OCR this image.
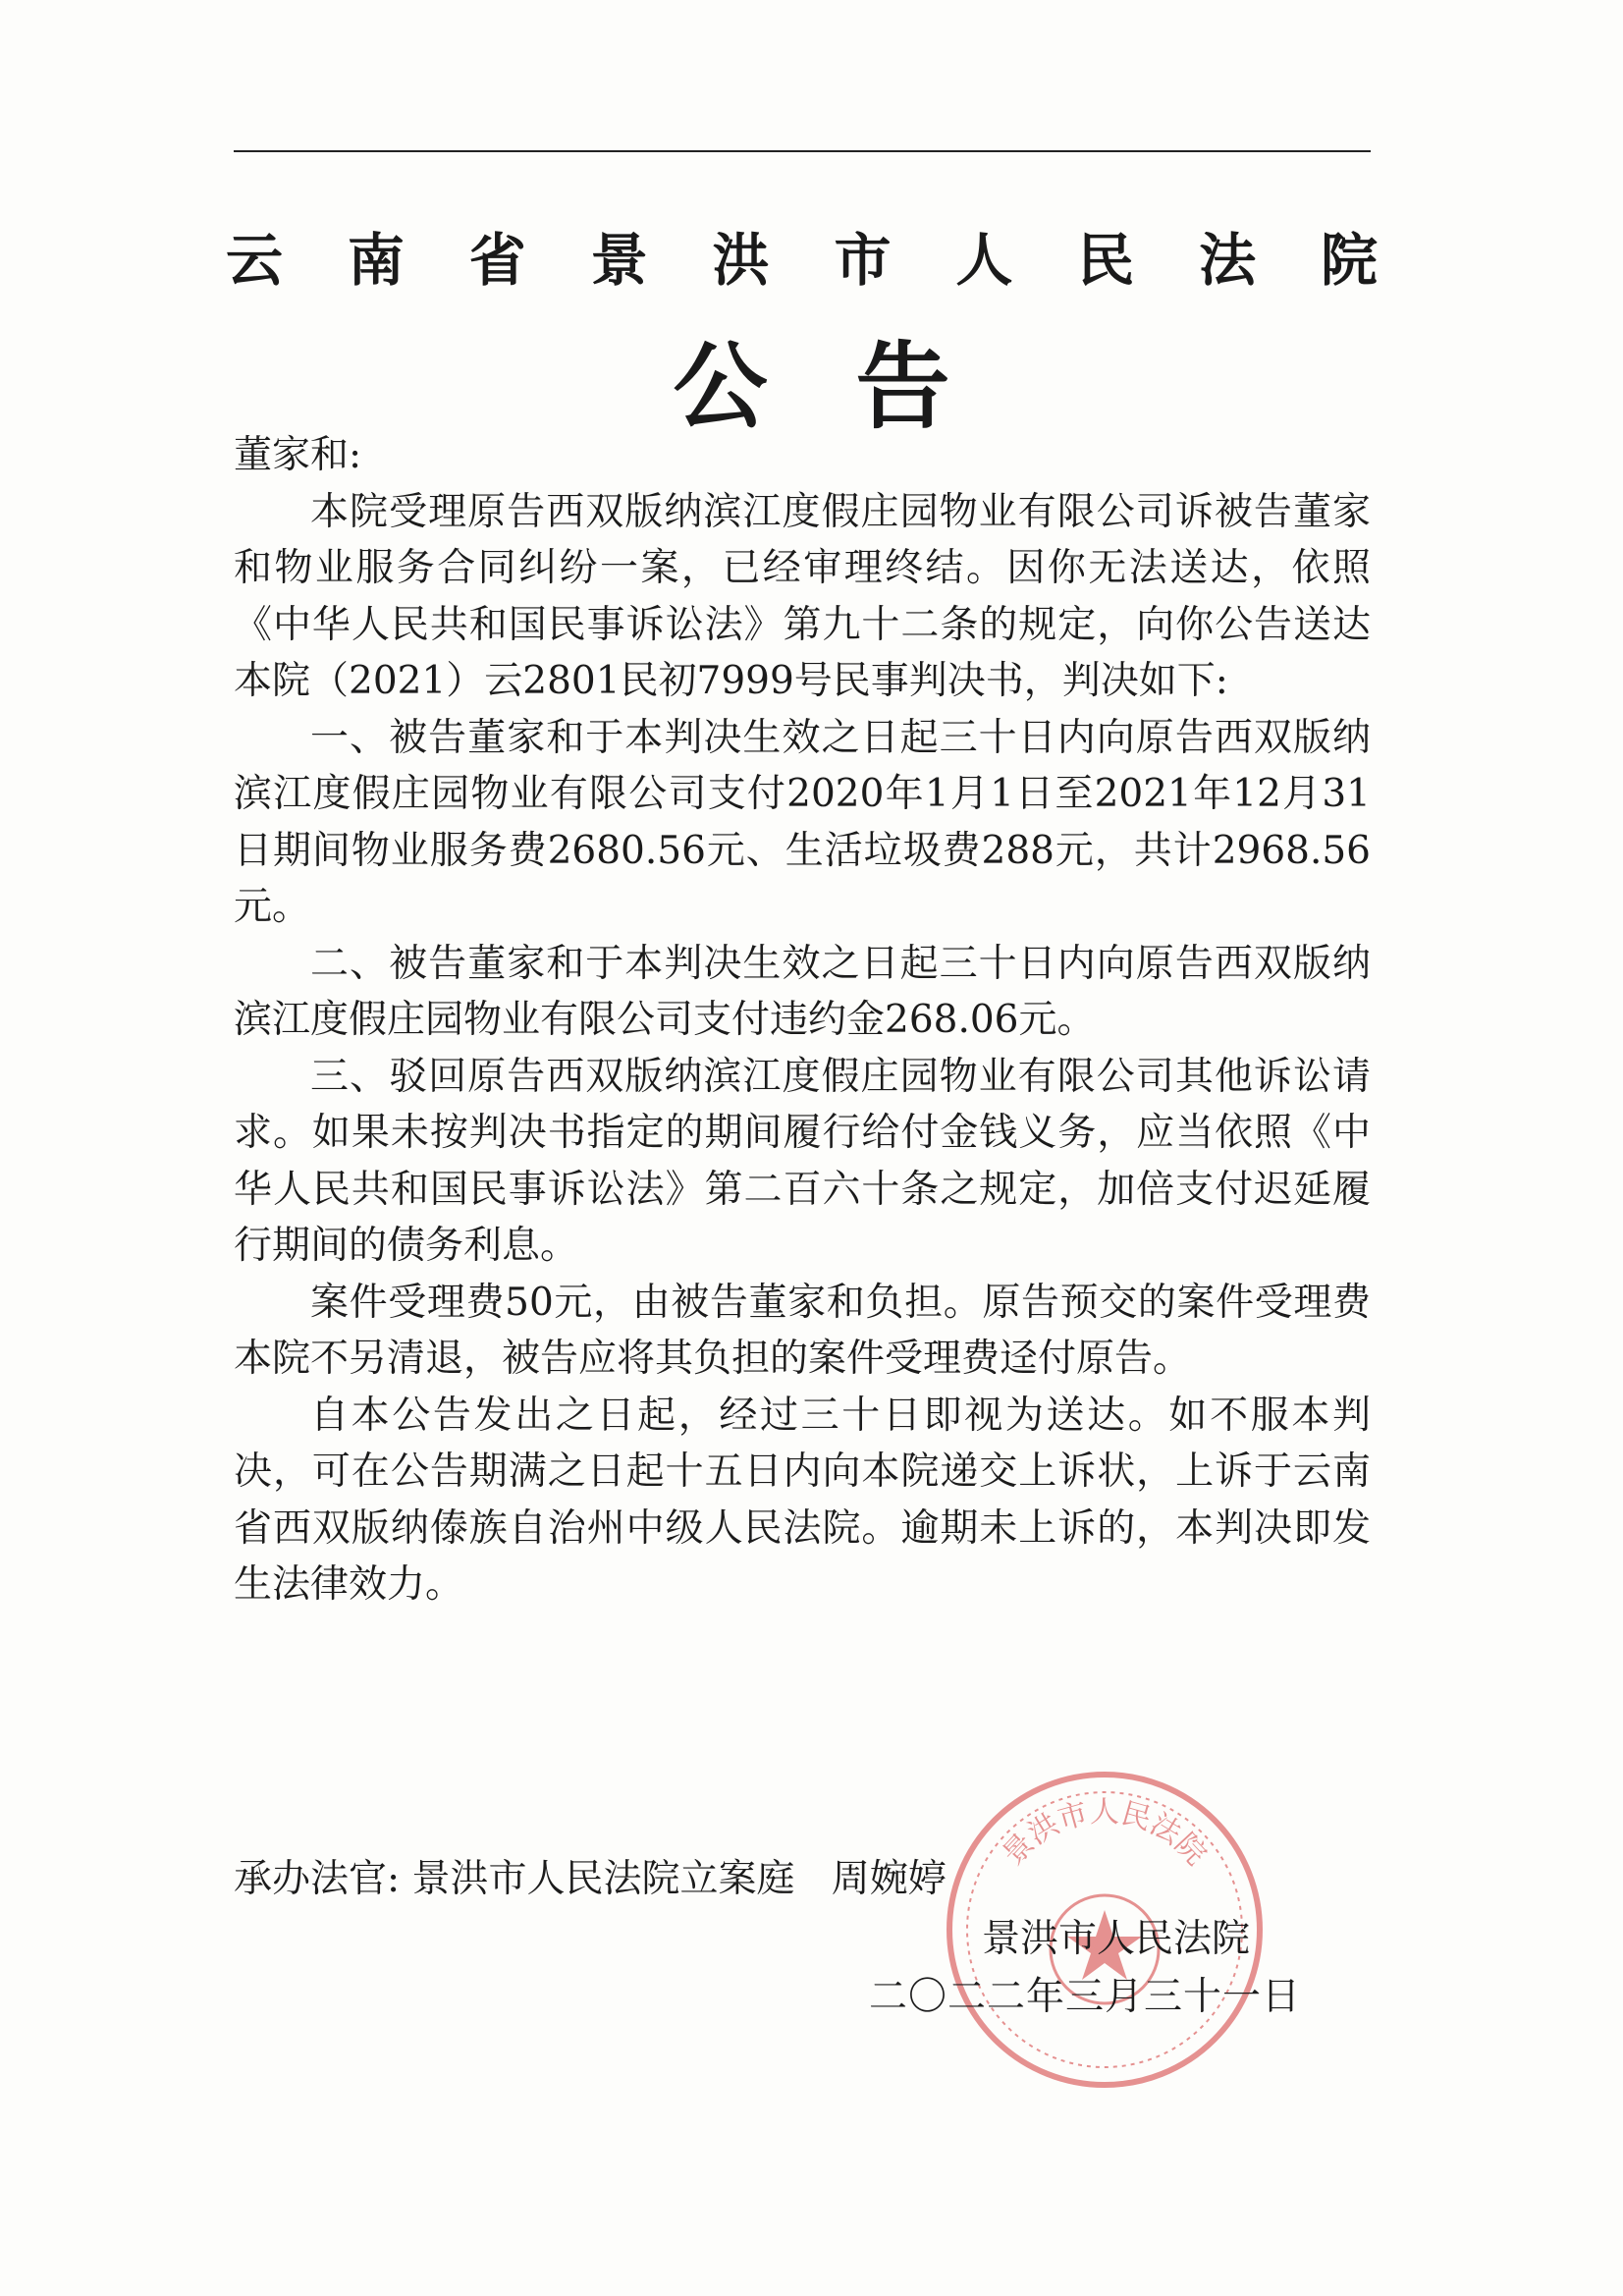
云 南 省 景 洪 市 人 民 法 院
公告

董家和:

本院受理原告西双版纳滨江度假庄园物业有限公司诉被告董家和物业服务合同纠纷一案，已经审理终结。因你无法送达，依照《中华人民共和国民事诉讼法》第九十二条的规定，向你公告送达本院（2021）云2801民初7999号民事判决书，判决如下:

一、被告董家和于本判决生效之日起三十日内向原告西双版纳滨江度假庄园物业有限公司支付2020年1月1日至2021年12月31日期间物业服务费2680.56元、生活垃圾费288元，共计2968.56元。

二、被告董家和于本判决生效之日起三十日内向原告西双版纳滨江度假庄园物业有限公司支付违约金268.06元。

三、驳回原告西双版纳滨江度假庄园物业有限公司其他诉讼请求。如果未按判决书指定的期间履行给付金钱义务，应当依照《中华人民共和国民事诉讼法》第二百六十条之规定，加倍支付迟延履行期间的债务利息。

案件受理费50元，由被告董家和负担。原告预交的案件受理费本院不另清退，被告应将其负担的案件受理费迳付原告。

自本公告发出之日起，经过三十日即视为送达。如不服本判决，可在公告期满之日起十五日内向本院递交上诉状，上诉于云南省西双版纳傣族自治州中级人民法院。逾期未上诉的，本判决即发生法律效力。

景洪市人民法院
承办法官: 景洪市人民法院立案庭   周婉婷
景洪市人民法院
二〇二二年三月三十一日
